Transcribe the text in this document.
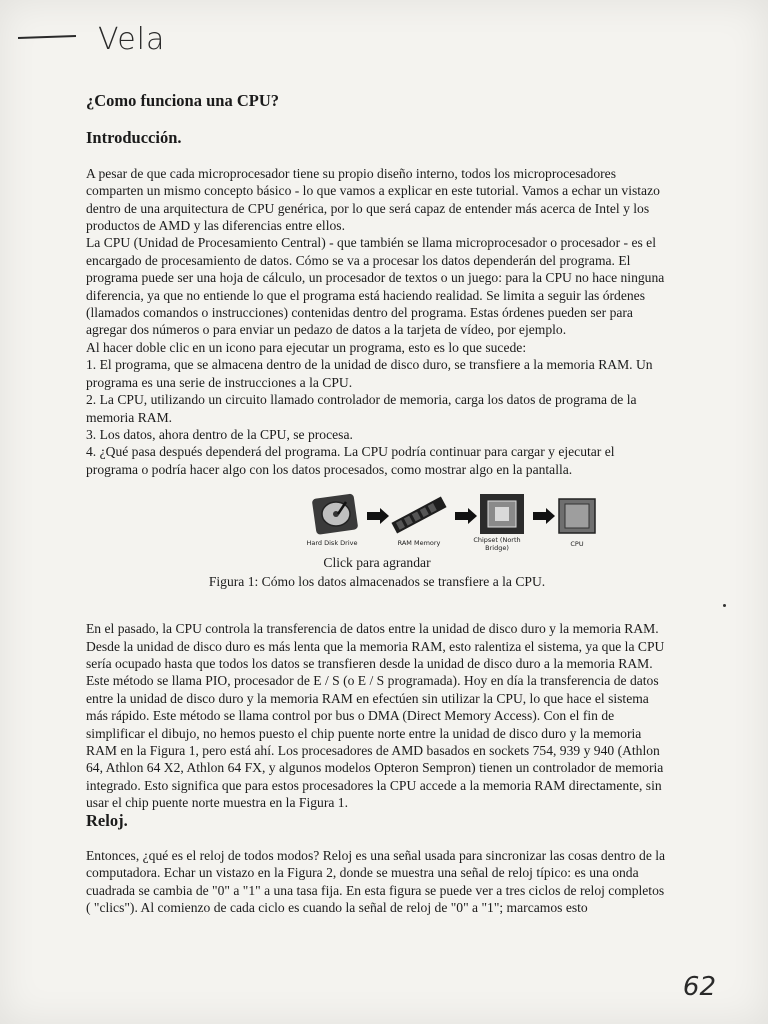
Vela
¿Como funciona una CPU?
Introducción.

A pesar de que cada microprocesador tiene su propio diseño interno, todos los microprocesadores comparten un mismo concepto básico - lo que vamos a explicar en este tutorial. Vamos a echar un vistazo dentro de una arquitectura de CPU genérica, por lo que será capaz de entender más acerca de Intel y los productos de AMD y las diferencias entre ellos.

La CPU (Unidad de Procesamiento Central) - que también se llama microprocesador o procesador - es el encargado de procesamiento de datos. Cómo se va a procesar los datos dependerán del programa. El programa puede ser una hoja de cálculo, un procesador de textos o un juego: para la CPU no hace ninguna diferencia, ya que no entiende lo que el programa está haciendo realidad. Se limita a seguir las órdenes (llamados comandos o instrucciones) contenidas dentro del programa. Estas órdenes pueden ser para agregar dos números o para enviar un pedazo de datos a la tarjeta de vídeo, por ejemplo.

Al hacer doble clic en un icono para ejecutar un programa, esto es lo que sucede:

1. El programa, que se almacena dentro de la unidad de disco duro, se transfiere a la memoria RAM. Un programa es una serie de instrucciones a la CPU.

2. La CPU, utilizando un circuito llamado controlador de memoria, carga los datos de programa de la memoria RAM.

3. Los datos, ahora dentro de la CPU, se procesa.

4. ¿Qué pasa después dependerá del programa. La CPU podría continuar para cargar y ejecutar el programa o podría hacer algo con los datos procesados, como mostrar algo en la pantalla.

Hard Disk Drive	RAM Memory	Chipset (North Bridge)	CPU
Click para agrandar
Figura 1: Cómo los datos almacenados se transfiere a la CPU.

En el pasado, la CPU controla la transferencia de datos entre la unidad de disco duro y la memoria RAM. Desde la unidad de disco duro es más lenta que la memoria RAM, esto ralentiza el sistema, ya que la CPU sería ocupado hasta que todos los datos se transfieren desde la unidad de disco duro a la memoria RAM. Este método se llama PIO, procesador de E / S (o E / S programada). Hoy en día la transferencia de datos entre la unidad de disco duro y la memoria RAM en efectúen sin utilizar la CPU, lo que hace el sistema más rápido. Este método se llama control por bus o DMA (Direct Memory Access). Con el fin de simplificar el dibujo, no hemos puesto el chip puente norte entre la unidad de disco duro y la memoria RAM en la Figura 1, pero está ahí. Los procesadores de AMD basados en sockets 754, 939 y 940 (Athlon 64, Athlon 64 X2, Athlon 64 FX, y algunos modelos Opteron Sempron) tienen un controlador de memoria integrado. Esto significa que para estos procesadores la CPU accede a la memoria RAM directamente, sin usar el chip puente norte muestra en la Figura 1.

Reloj.

Entonces, ¿qué es el reloj de todos modos? Reloj es una señal usada para sincronizar las cosas dentro de la computadora. Echar un vistazo en la Figura 2, donde se muestra una señal de reloj típico: es una onda cuadrada se cambia de "0" a "1" a una tasa fija. En esta figura se puede ver a tres ciclos de reloj completos ( "clics"). Al comienzo de cada ciclo es cuando la señal de reloj de "0" a "1"; marcamos esto

62
